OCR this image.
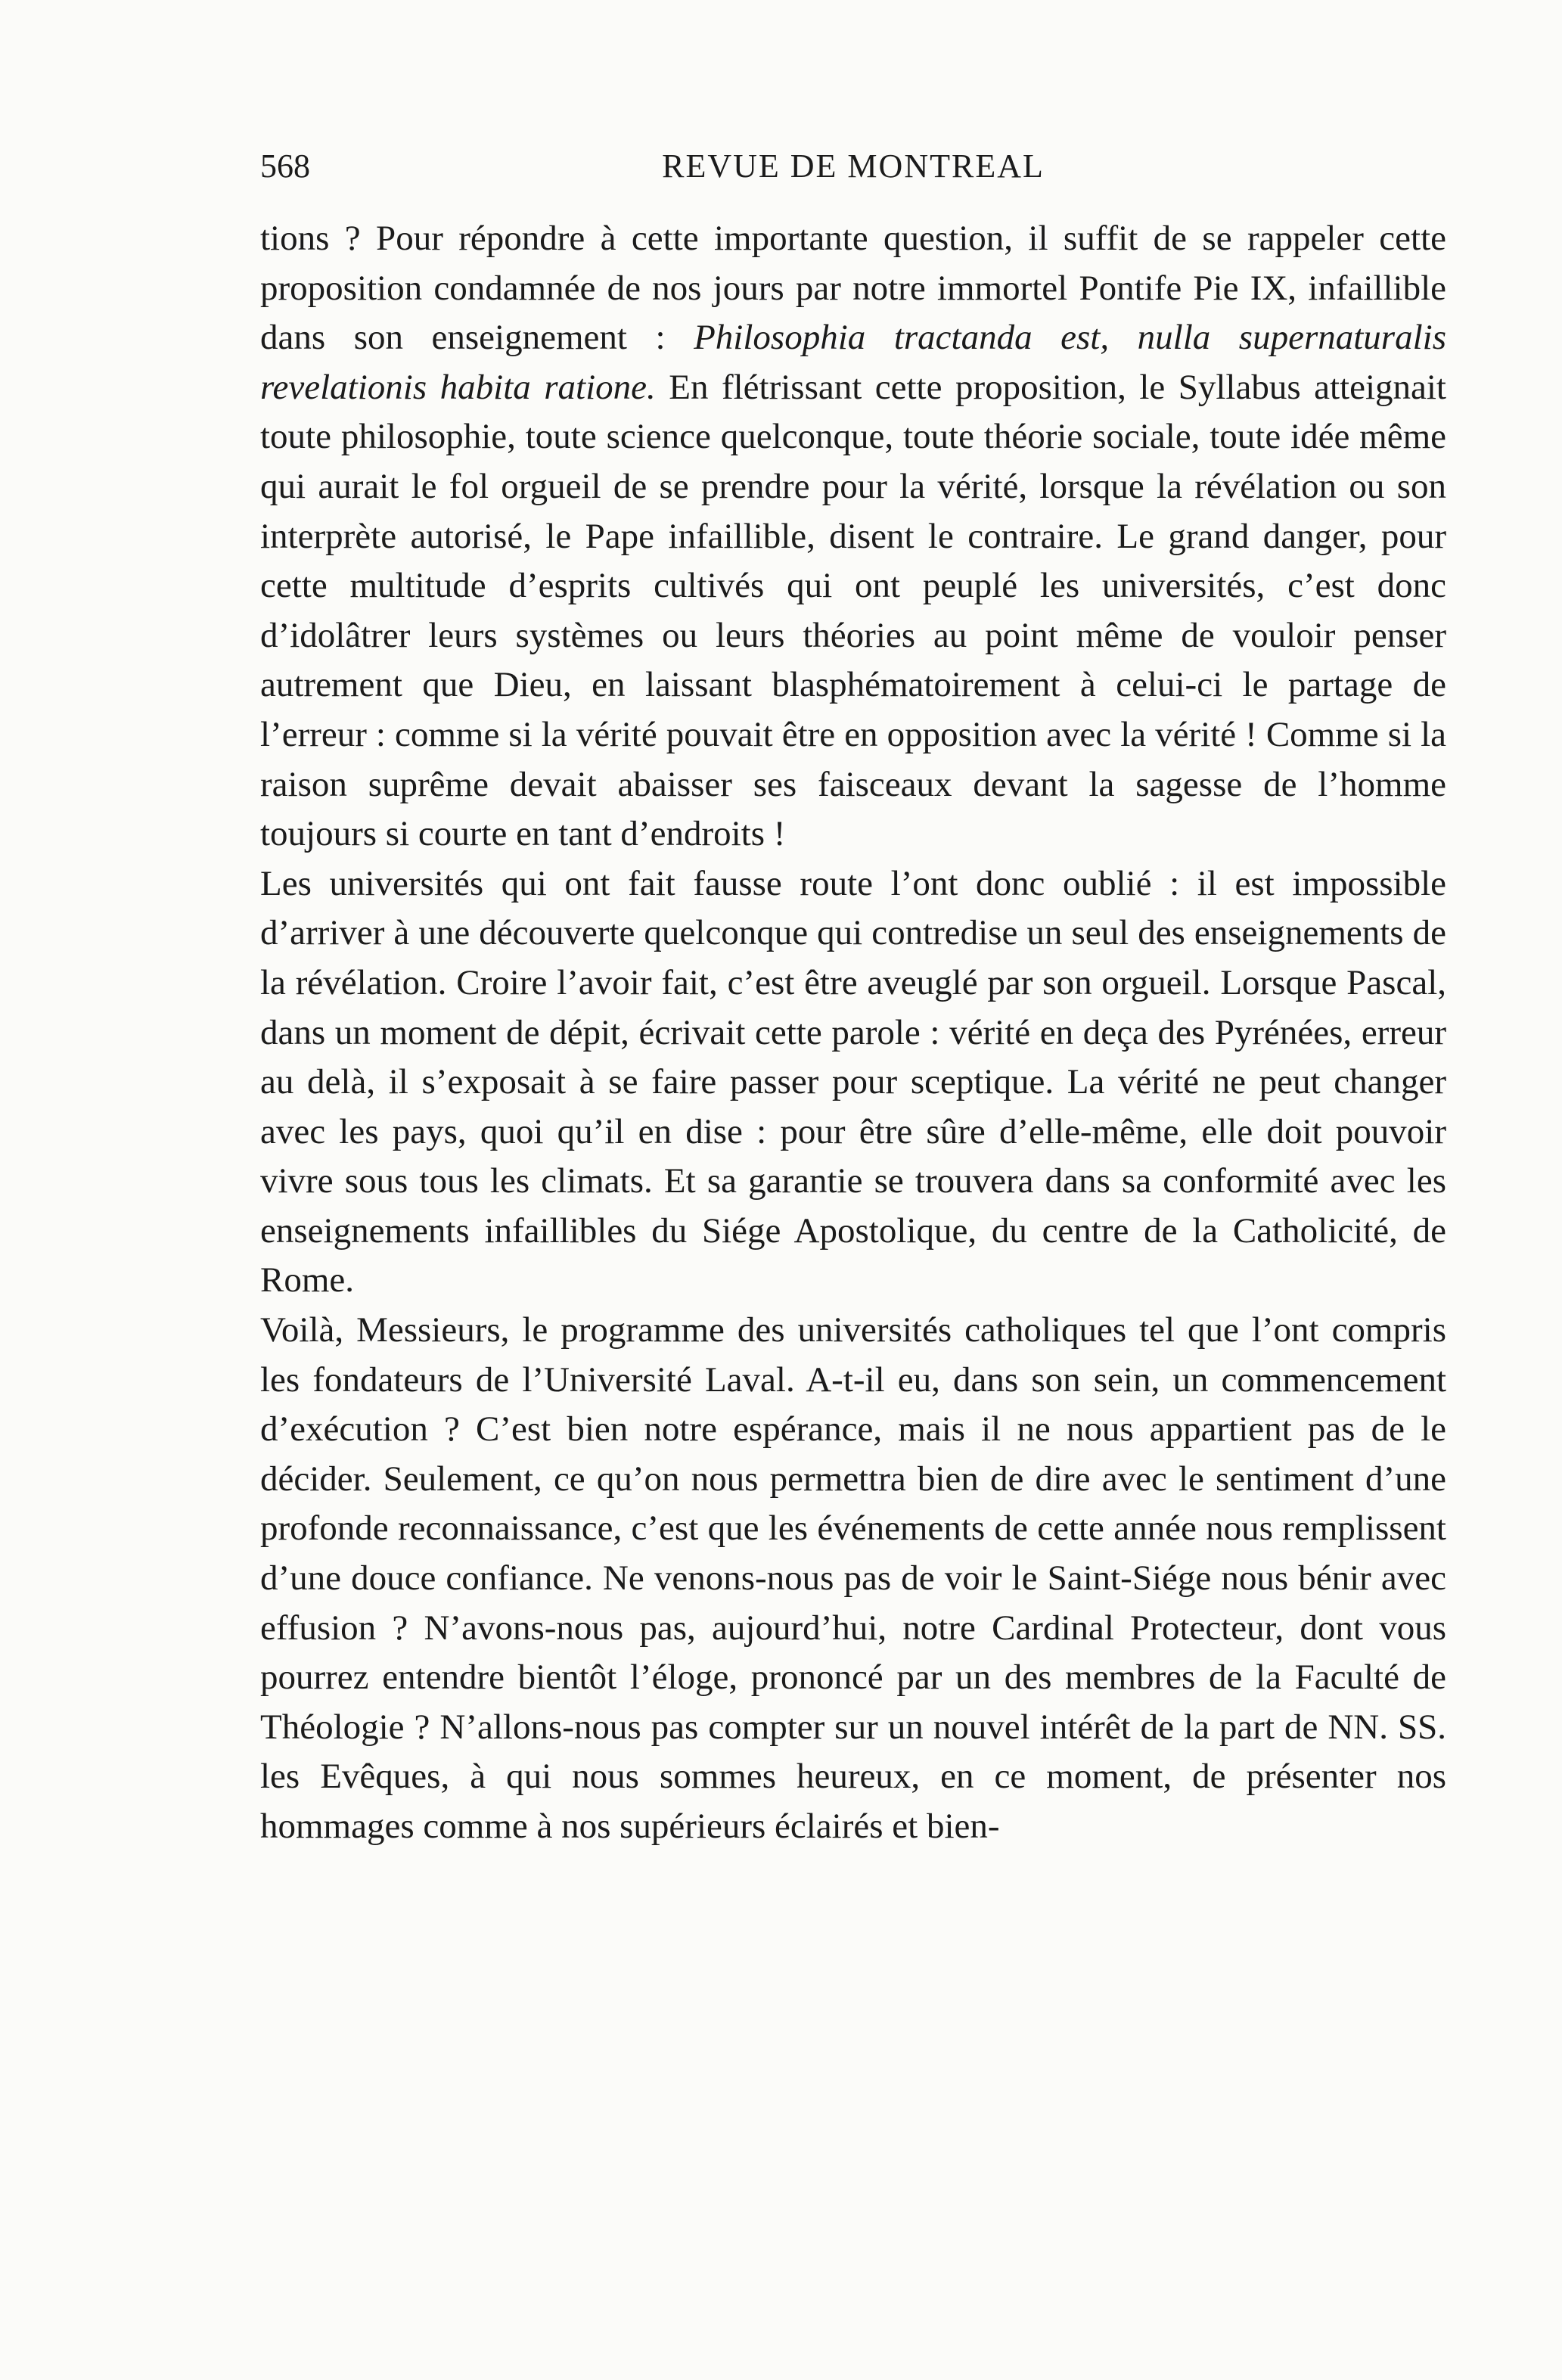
568	REVUE DE MONTREAL

tions ? Pour répondre à cette importante question, il suffit de se rappeler cette proposition condamnée de nos jours par notre immortel Pontife Pie IX, infaillible dans son enseignement : Philosophia tractanda est, nulla supernaturalis revelationis habita ratione. En flétrissant cette proposition, le Syllabus atteignait toute philosophie, toute science quelconque, toute théorie sociale, toute idée même qui aurait le fol orgueil de se prendre pour la vérité, lorsque la révélation ou son interprète autorisé, le Pape infaillible, disent le contraire. Le grand danger, pour cette multitude d’esprits cultivés qui ont peuplé les universités, c’est donc d’idolâtrer leurs systèmes ou leurs théories au point même de vouloir penser autrement que Dieu, en laissant blasphématoirement à celui-ci le partage de l’erreur : comme si la vérité pouvait être en opposition avec la vérité ! Comme si la raison suprême devait abaisser ses faisceaux devant la sagesse de l’homme toujours si courte en tant d’endroits !

Les universités qui ont fait fausse route l’ont donc oublié : il est impossible d’arriver à une découverte quelconque qui contredise un seul des enseignements de la révélation. Croire l’avoir fait, c’est être aveuglé par son orgueil. Lorsque Pascal, dans un moment de dépit, écrivait cette parole : vérité en deça des Pyrénées, erreur au delà, il s’exposait à se faire passer pour sceptique. La vérité ne peut changer avec les pays, quoi qu’il en dise : pour être sûre d’elle-même, elle doit pouvoir vivre sous tous les climats. Et sa garantie se trouvera dans sa conformité avec les enseignements infaillibles du Siége Apostolique, du centre de la Catholicité, de Rome.

Voilà, Messieurs, le programme des universités catholiques tel que l’ont compris les fondateurs de l’Université Laval. A-t-il eu, dans son sein, un commencement d’exécution ? C’est bien notre espérance, mais il ne nous appartient pas de le décider. Seulement, ce qu’on nous permettra bien de dire avec le sentiment d’une profonde reconnaissance, c’est que les événements de cette année nous remplissent d’une douce confiance. Ne venons-nous pas de voir le Saint-Siége nous bénir avec effusion ? N’avons-nous pas, aujourd’hui, notre Cardinal Protecteur, dont vous pourrez entendre bientôt l’éloge, prononcé par un des membres de la Faculté de Théologie ? N’allons-nous pas compter sur un nouvel intérêt de la part de NN. SS. les Evêques, à qui nous sommes heureux, en ce moment, de présenter nos hommages comme à nos supérieurs éclairés et bien-
